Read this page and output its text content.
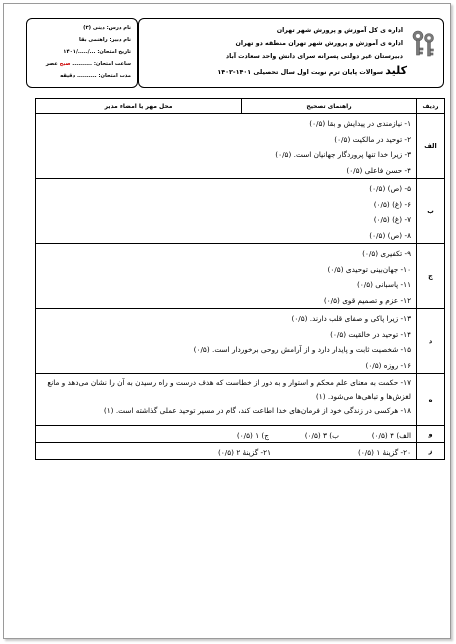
اداره ی کل آموزش و پرورش شهر تهران
اداره ی آموزش و پرورش شهر تهران منطقه دو تهران
دبیرستان غیر دولتی پسرانه سرای دانش واحد سعادت آباد
کلید سوالات پایان ترم نوبت اول سال تحصیلی ۱۴۰۱-۱۴۰۲
نام درس: دینی (۳)
نام دبیر: راهنمی بقا
تاریخ امتحان: .../...../۱۴۰۱
ساعت امتحان: .......... صبح عصر
مدت امتحان: .......... دقیقه
ردیف	راهنمای تصحیح	محل مهر یا امضاء مدیر
الف	۱- نیازمندی در پیدایش و بقا (۰/۵)
۲- توحید در مالکیت (۰/۵)
۳- زیرا خدا تنها پروردگار جهانیان است. (۰/۵)
۴- حسن فاعلی (۰/۵)	

ب	۵- (ص) (۰/۵)
۶- (غ) (۰/۵)
۷- (غ) (۰/۵)
۸- (ص) (۰/۵)	

ج	۹- تکفیری (۰/۵)
۱۰- جهان‌بینی توحیدی (۰/۵)
۱۱- پاسبانی (۰/۵)
۱۲- عزم و تصمیم قوی (۰/۵)	

د	۱۳- زیرا پاکی و صفای قلب دارند. (۰/۵)
۱۴- توحید در خالقیت (۰/۵)
۱۵- شخصیت ثابت و پایدار دارد و از آرامش روحی برخوردار است. (۰/۵)
۱۶- روزه (۰/۵)	

ه	۱۷- حکمت به معنای علم محکم و استوار و به دور از خطاست که هدف درست و راه رسیدن به آن را نشان می‌دهد و مانع لغزش‌ها و تباهی‌ها می‌شود. (۱)
۱۸- هرکسی در زندگی خود از فرمان‌های خدا اطاعت کند، گام در مسیر توحید عملی گذاشته است. (۱)	

و	الف) ۴ (۰/۵)
ب) ۳ (۰/۵)
ج) ۱ (۰/۵)	

ز	۲۰- گزینهٔ ۱ (۰/۵)
۲۱- گزینهٔ ۲ (۰/۵)	
